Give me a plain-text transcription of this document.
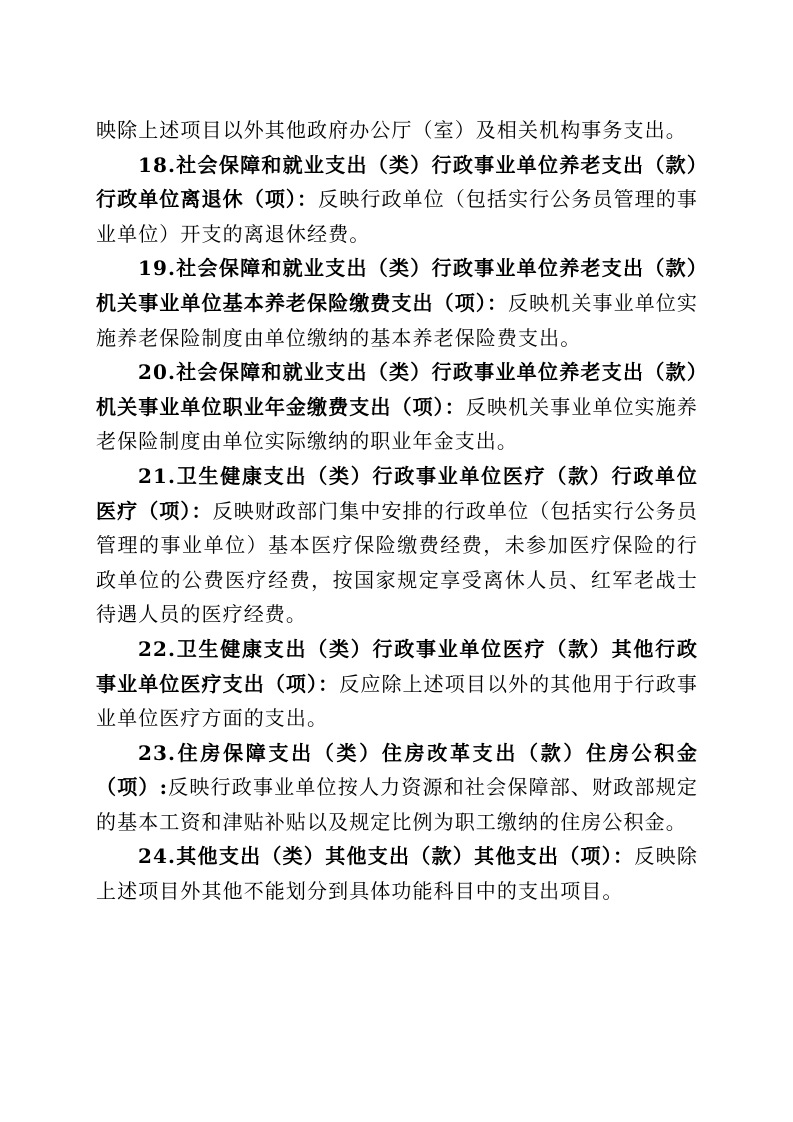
映除上述项目以外其他政府办公厅（室）及相关机构事务支出。

18.社会保障和就业支出（类）行政事业单位养老支出（款）行政单位离退休（项）：反映行政单位（包括实行公务员管理的事业单位）开支的离退休经费。

19.社会保障和就业支出（类）行政事业单位养老支出（款）机关事业单位基本养老保险缴费支出（项）：反映机关事业单位实施养老保险制度由单位缴纳的基本养老保险费支出。

20.社会保障和就业支出（类）行政事业单位养老支出（款）机关事业单位职业年金缴费支出（项）：反映机关事业单位实施养老保险制度由单位实际缴纳的职业年金支出。

21.卫生健康支出（类）行政事业单位医疗（款）行政单位医疗（项）：反映财政部门集中安排的行政单位（包括实行公务员管理的事业单位）基本医疗保险缴费经费，未参加医疗保险的行政单位的公费医疗经费，按国家规定享受离休人员、红军老战士待遇人员的医疗经费。

22.卫生健康支出（类）行政事业单位医疗（款）其他行政事业单位医疗支出（项）：反应除上述项目以外的其他用于行政事业单位医疗方面的支出。

23.住房保障支出（类）住房改革支出（款）住房公积金（项）:反映行政事业单位按人力资源和社会保障部、财政部规定的基本工资和津贴补贴以及规定比例为职工缴纳的住房公积金。

24.其他支出（类）其他支出（款）其他支出（项）：反映除上述项目外其他不能划分到具体功能科目中的支出项目。
